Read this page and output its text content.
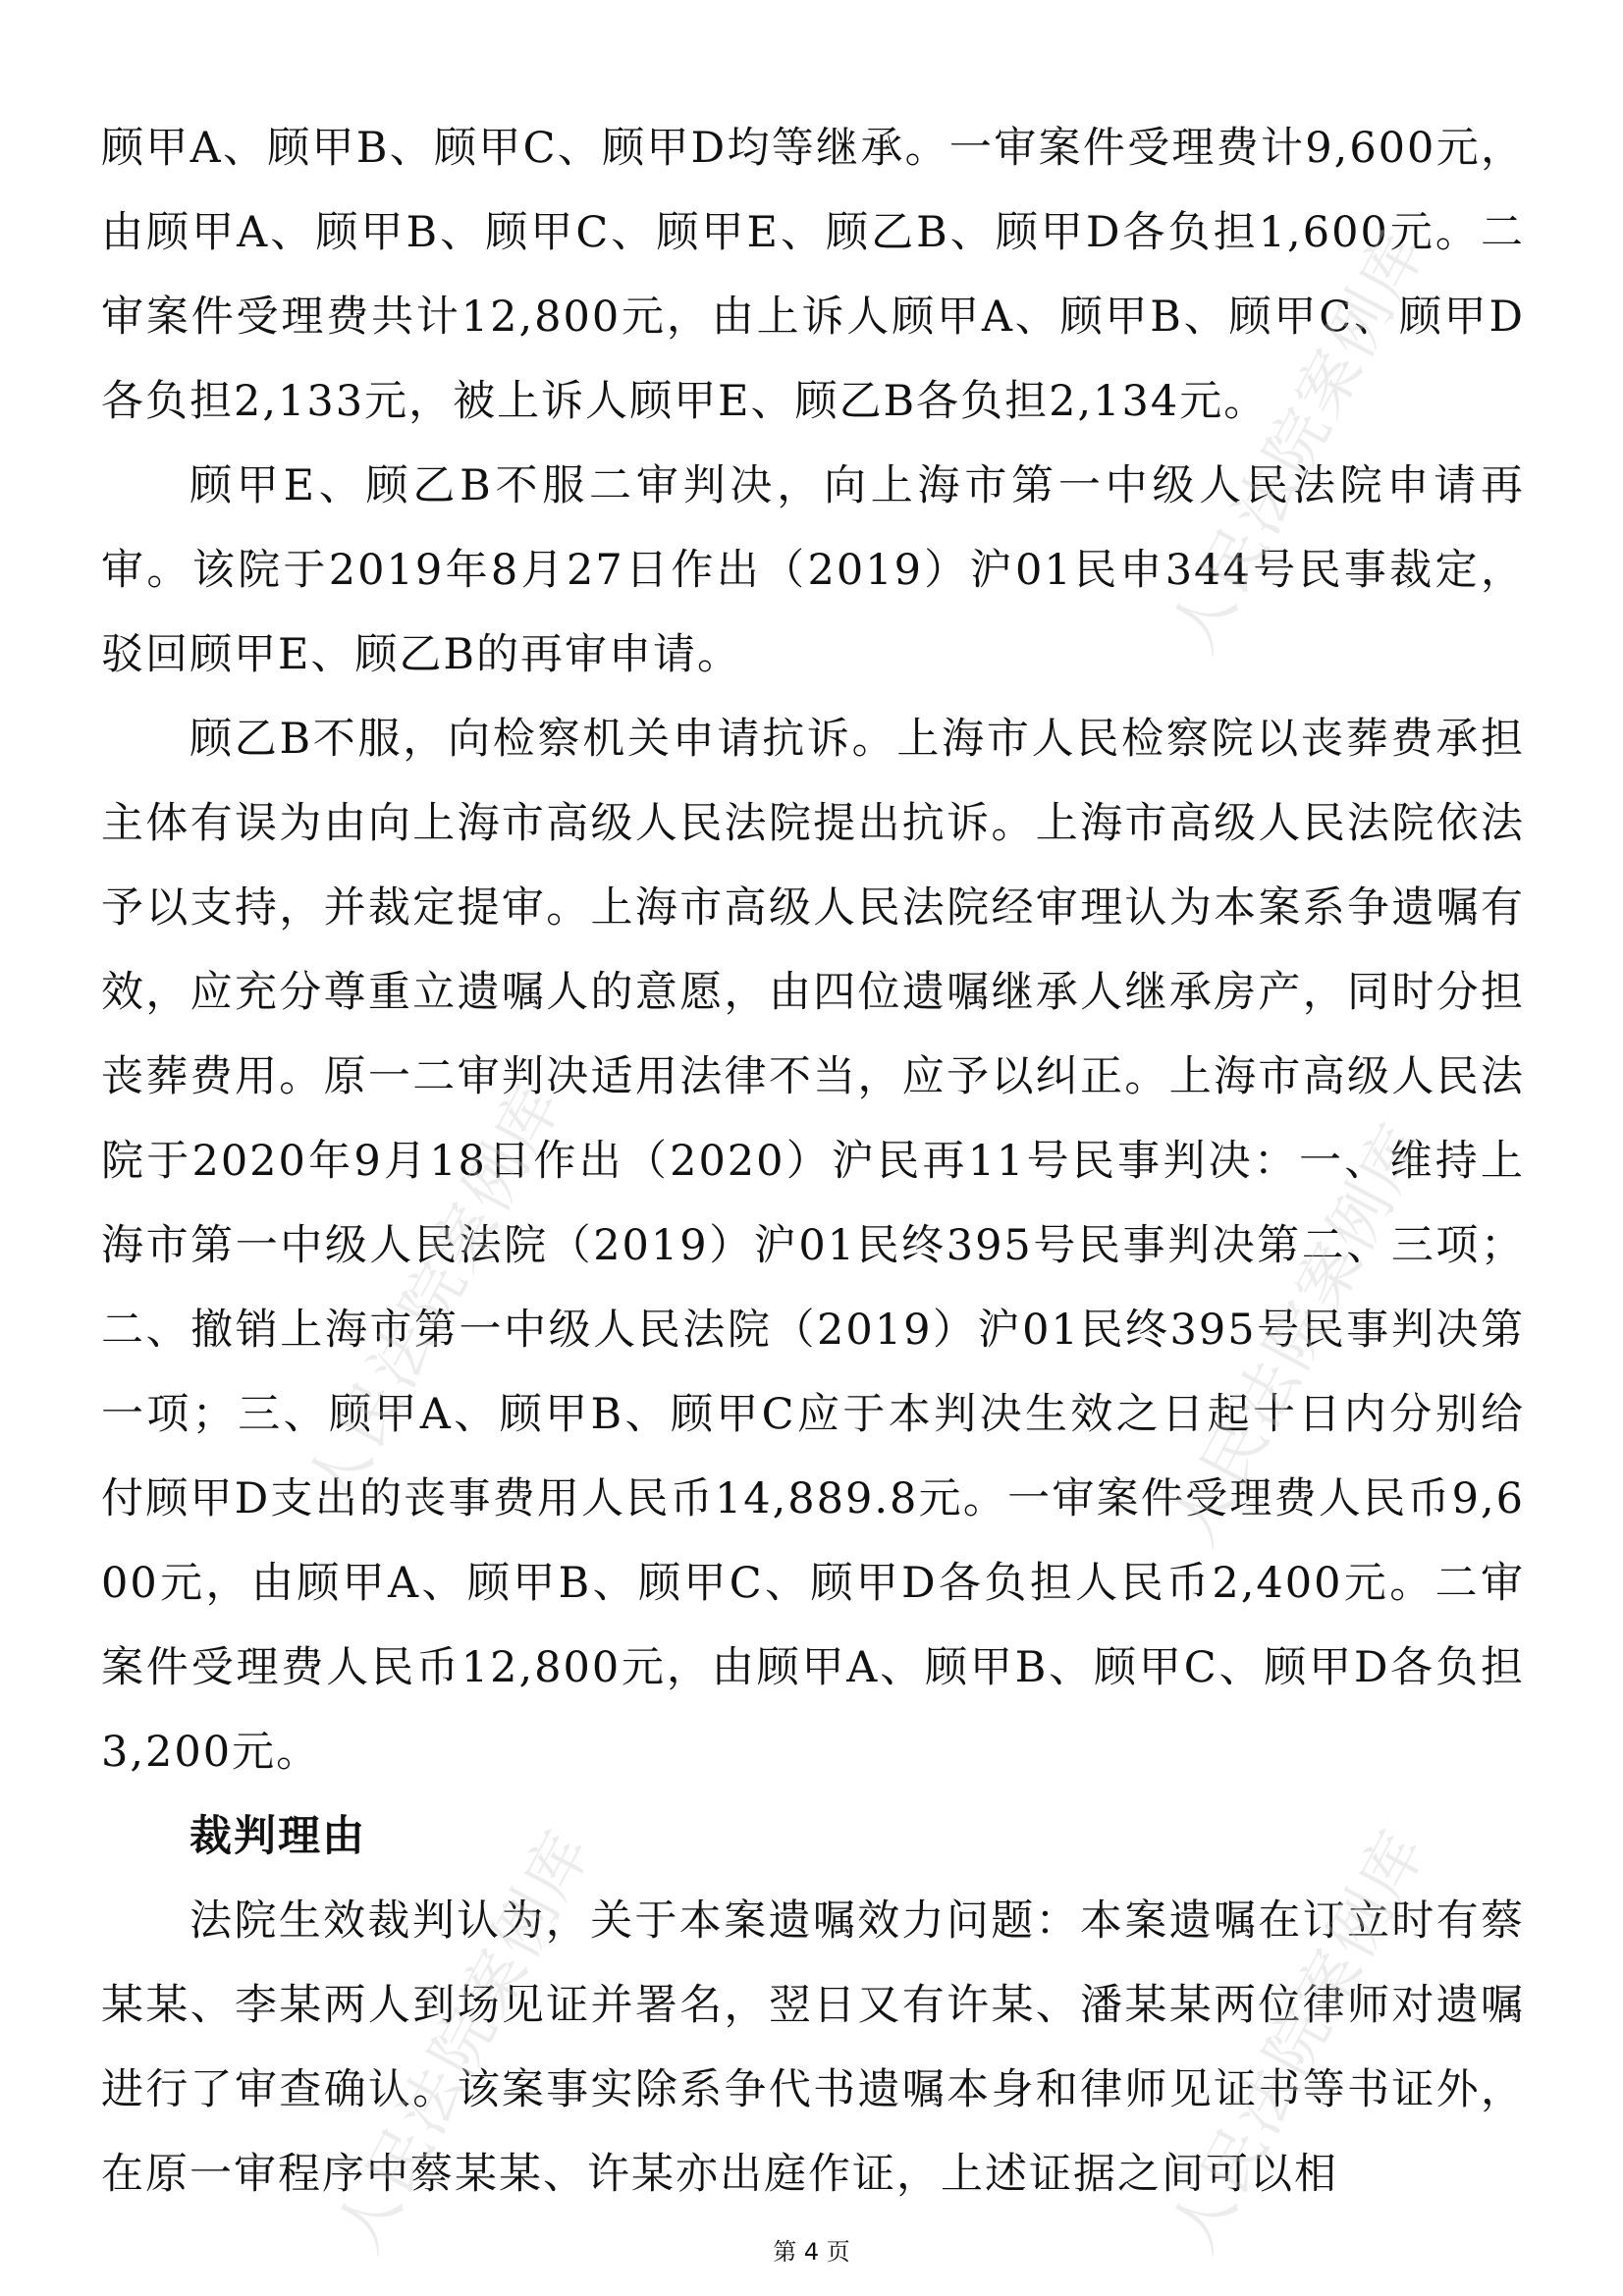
顾甲A、顾甲B、顾甲C、顾甲D均等继承。一审案件受理费计9,600元，由顾甲A、顾甲B、顾甲C、顾甲E、顾乙B、顾甲D各负担1,600元。二审案件受理费共计12,800元，由上诉人顾甲A、顾甲B、顾甲C、顾甲D各负担2,133元，被上诉人顾甲E、顾乙B各负担2,134元。

顾甲E、顾乙B不服二审判决，向上海市第一中级人民法院申请再审。该院于2019年8月27日作出（2019）沪01民申344号民事裁定，驳回顾甲E、顾乙B的再审申请。

顾乙B不服，向检察机关申请抗诉。上海市人民检察院以丧葬费承担主体有误为由向上海市高级人民法院提出抗诉。上海市高级人民法院依法予以支持，并裁定提审。上海市高级人民法院经审理认为本案系争遗嘱有效，应充分尊重立遗嘱人的意愿，由四位遗嘱继承人继承房产，同时分担丧葬费用。原一二审判决适用法律不当，应予以纠正。上海市高级人民法院于2020年9月18日作出（2020）沪民再11号民事判决：一、维持上海市第一中级人民法院（2019）沪01民终395号民事判决第二、三项；二、撤销上海市第一中级人民法院（2019）沪01民终395号民事判决第一项；三、顾甲A、顾甲B、顾甲C应于本判决生效之日起十日内分别给付顾甲D支出的丧事费用人民币14,889.8元。一审案件受理费人民币9,600元，由顾甲A、顾甲B、顾甲C、顾甲D各负担人民币2,400元。二审案件受理费人民币12,800元，由顾甲A、顾甲B、顾甲C、顾甲D各负担3,200元。

裁判理由

法院生效裁判认为，关于本案遗嘱效力问题：本案遗嘱在订立时有蔡某某、李某两人到场见证并署名，翌日又有许某、潘某某两位律师对遗嘱进行了审查确认。该案事实除系争代书遗嘱本身和律师见证书等书证外，在原一审程序中蔡某某、许某亦出庭作证，上述证据之间可以相

人民法院案例库
人民法院案例库	人民法院案例库
人民法院案例库	人民法院案例库
第 4 页
